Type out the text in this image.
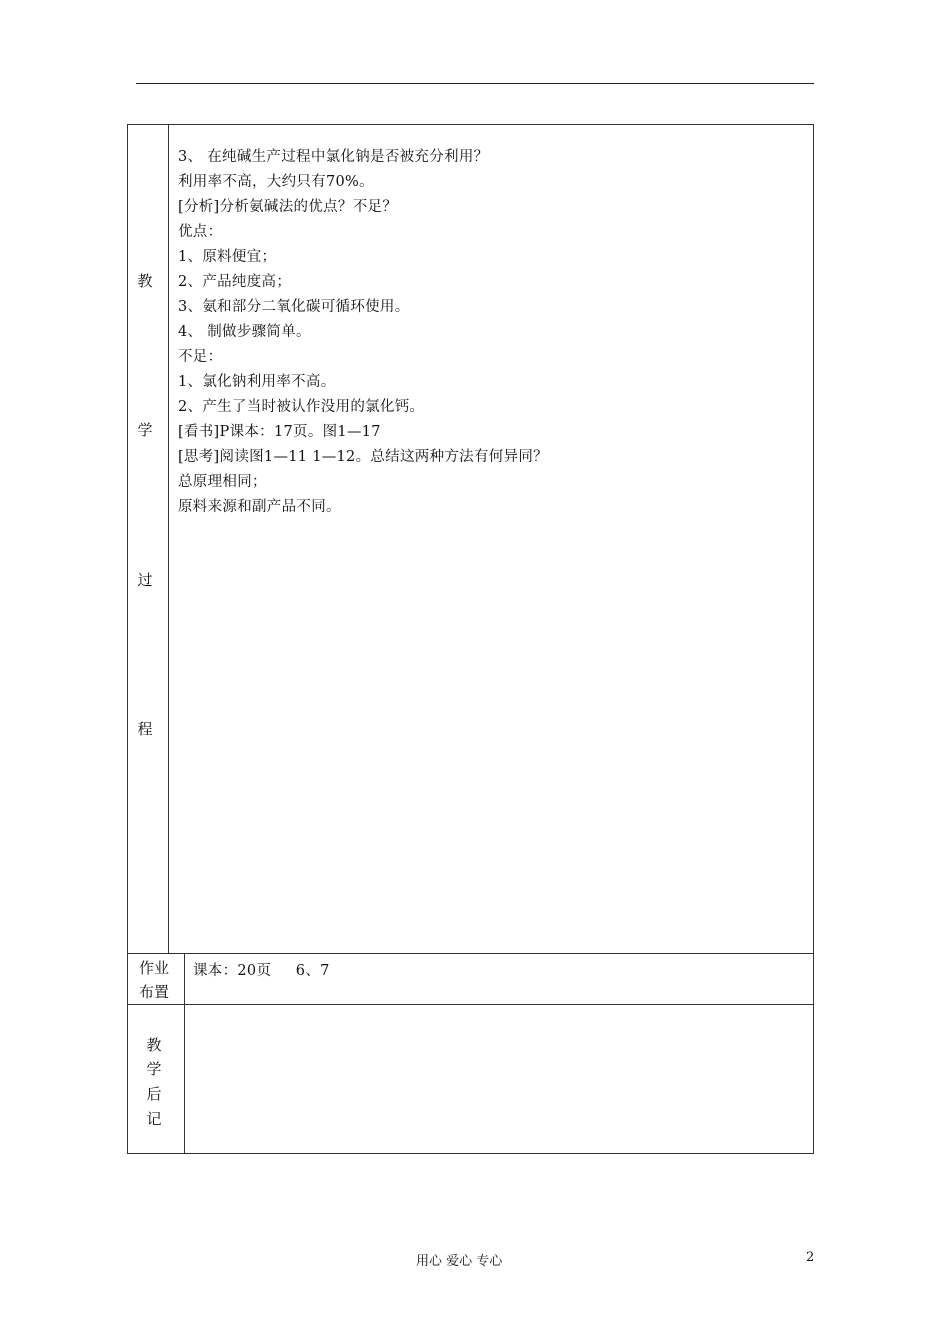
教
学
过
程
3、 在纯碱生产过程中氯化钠是否被充分利用？
利用率不高，大约只有70%。
[分析]分析氨碱法的优点？不足？
优点：
1、原料便宜；
2、产品纯度高；
3、氨和部分二氧化碳可循环使用。
4、 制做步骤简单。
不足：
1、氯化钠利用率不高。
2、产生了当时被认作没用的氯化钙。
[看书]P课本：17页。图1—17
[思考]阅读图1—11 1—12。总结这两种方法有何异同？
总原理相同；
原料来源和副产品不同。
作业
布置
课本：20页     6、7
教
学
后
记
用心 爱心 专心	2
